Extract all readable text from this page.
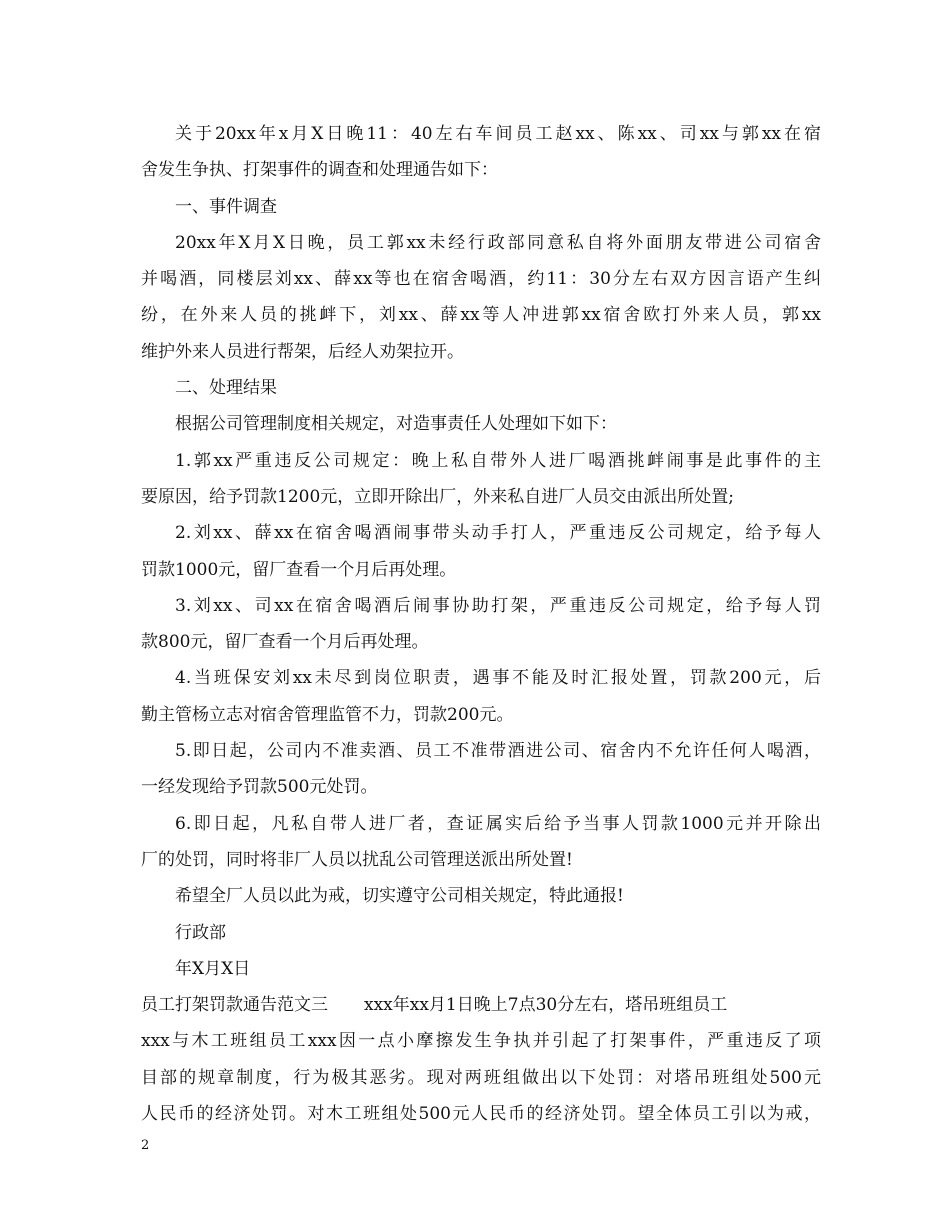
关于20xx年x月X日晚11：40左右车间员工赵xx、陈xx、司xx与郭xx在宿
舍发生争执、打架事件的调查和处理通告如下：
一、事件调查
20xx年X月X日晚，员工郭xx未经行政部同意私自将外面朋友带进公司宿舍
并喝酒，同楼层刘xx、薛xx等也在宿舍喝酒，约11：30分左右双方因言语产生纠
纷，在外来人员的挑衅下，刘xx、薛xx等人冲进郭xx宿舍欧打外来人员，郭xx
维护外来人员进行帮架，后经人劝架拉开。
二、处理结果
根据公司管理制度相关规定，对造事责任人处理如下如下：
1.郭xx严重违反公司规定：晚上私自带外人进厂喝酒挑衅闹事是此事件的主
要原因，给予罚款1200元，立即开除出厂，外来私自进厂人员交由派出所处置;
2.刘xx、薛xx在宿舍喝酒闹事带头动手打人，严重违反公司规定，给予每人
罚款1000元，留厂查看一个月后再处理。
3.刘xx、司xx在宿舍喝酒后闹事协助打架，严重违反公司规定，给予每人罚
款800元，留厂查看一个月后再处理。
4.当班保安刘xx未尽到岗位职责，遇事不能及时汇报处置，罚款200元，后
勤主管杨立志对宿舍管理监管不力，罚款200元。
5.即日起，公司内不准卖酒、员工不准带酒进公司、宿舍内不允许任何人喝酒，
一经发现给予罚款500元处罚。
6.即日起，凡私自带人进厂者，查证属实后给予当事人罚款1000元并开除出
厂的处罚，同时将非厂人员以扰乱公司管理送派出所处置!
希望全厂人员以此为戒，切实遵守公司相关规定，特此通报!
行政部
年X月X日
员工打架罚款通告范文三 xxx年xx月1日晚上7点30分左右，塔吊班组员工
xxx与木工班组员工xxx因一点小摩擦发生争执并引起了打架事件，严重违反了项
目部的规章制度，行为极其恶劣。现对两班组做出以下处罚：对塔吊班组处500元
人民币的经济处罚。对木工班组处500元人民币的经济处罚。望全体员工引以为戒，
2
